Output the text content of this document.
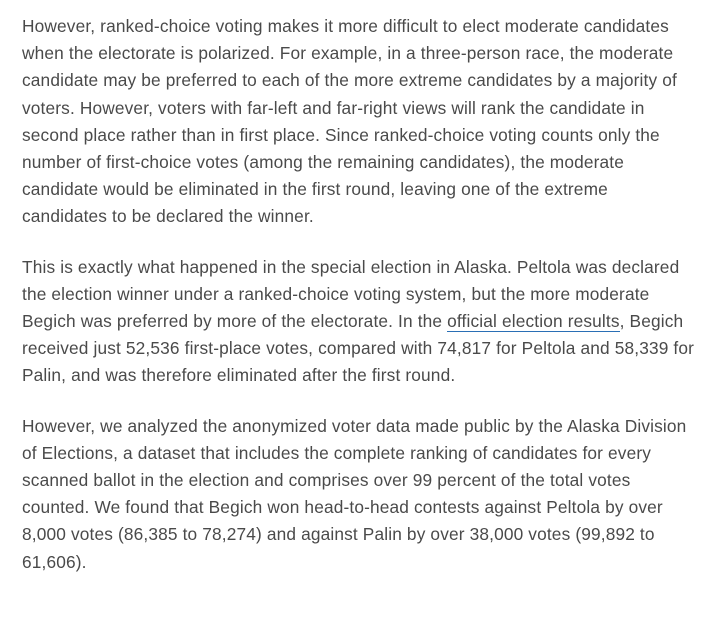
However, ranked-choice voting makes it more difficult to elect moderate candidates when the electorate is polarized. For example, in a three-person race, the moderate candidate may be preferred to each of the more extreme candidates by a majority of voters. However, voters with far-left and far-right views will rank the candidate in second place rather than in first place. Since ranked-choice voting counts only the number of first-choice votes (among the remaining candidates), the moderate candidate would be eliminated in the first round, leaving one of the extreme candidates to be declared the winner.

This is exactly what happened in the special election in Alaska. Peltola was declared the election winner under a ranked-choice voting system, but the more moderate Begich was preferred by more of the electorate. In the official election results, Begich received just 52,536 first-place votes, compared with 74,817 for Peltola and 58,339 for Palin, and was therefore eliminated after the first round.

However, we analyzed the anonymized voter data made public by the Alaska Division of Elections, a dataset that includes the complete ranking of candidates for every scanned ballot in the election and comprises over 99 percent of the total votes counted. We found that Begich won head-to-head contests against Peltola by over 8,000 votes (86,385 to 78,274) and against Palin by over 38,000 votes (99,892 to 61,606).
